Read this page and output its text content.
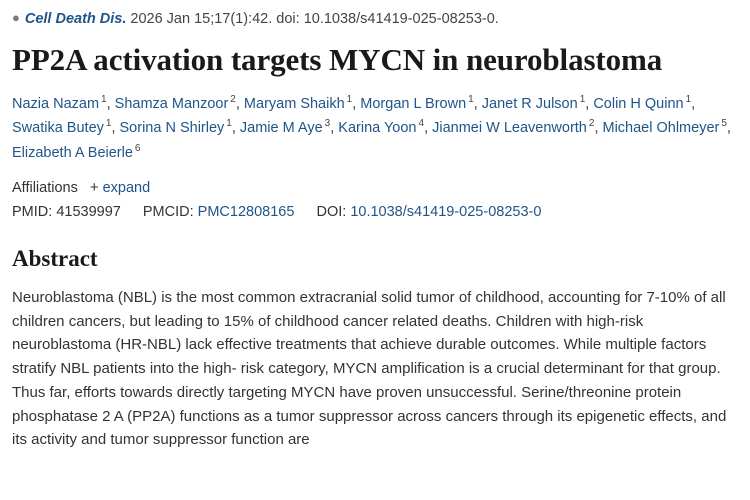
● Cell Death Dis. 2026 Jan 15;17(1):42. doi: 10.1038/s41419-025-08253-0.
PP2A activation targets MYCN in neuroblastoma
Nazia Nazam $^1$, Shamza Manzoor $^2$, Maryam Shaikh $^1$, Morgan L Brown $^1$, Janet R Julson $^1$, Colin H Quinn $^1$, Swatika Butey $^1$, Sorina N Shirley $^1$, Jamie M Aye $^3$, Karina Yoon $^4$, Jianmei W Leavenworth $^2$, Michael Ohlmeyer $^5$, Elizabeth A Beierle $^6$
Affiliations + expand
PMID: 41539997 PMCID: PMC12808165 DOI: 10.1038/s41419-025-08253-0
Abstract
Neuroblastoma (NBL) is the most common extracranial solid tumor of childhood, accounting for 7-10% of all children cancers, but leading to 15% of childhood cancer related deaths. Children with high-risk neuroblastoma (HR-NBL) lack effective treatments that achieve durable outcomes. While multiple factors stratify NBL patients into the high- risk category, MYCN amplification is a crucial determinant for that group. Thus far, efforts towards directly targeting MYCN have proven unsuccessful. Serine/threonine protein phosphatase 2 A (PP2A) functions as a tumor suppressor across cancers through its epigenetic effects, and its activity and tumor suppressor function are
